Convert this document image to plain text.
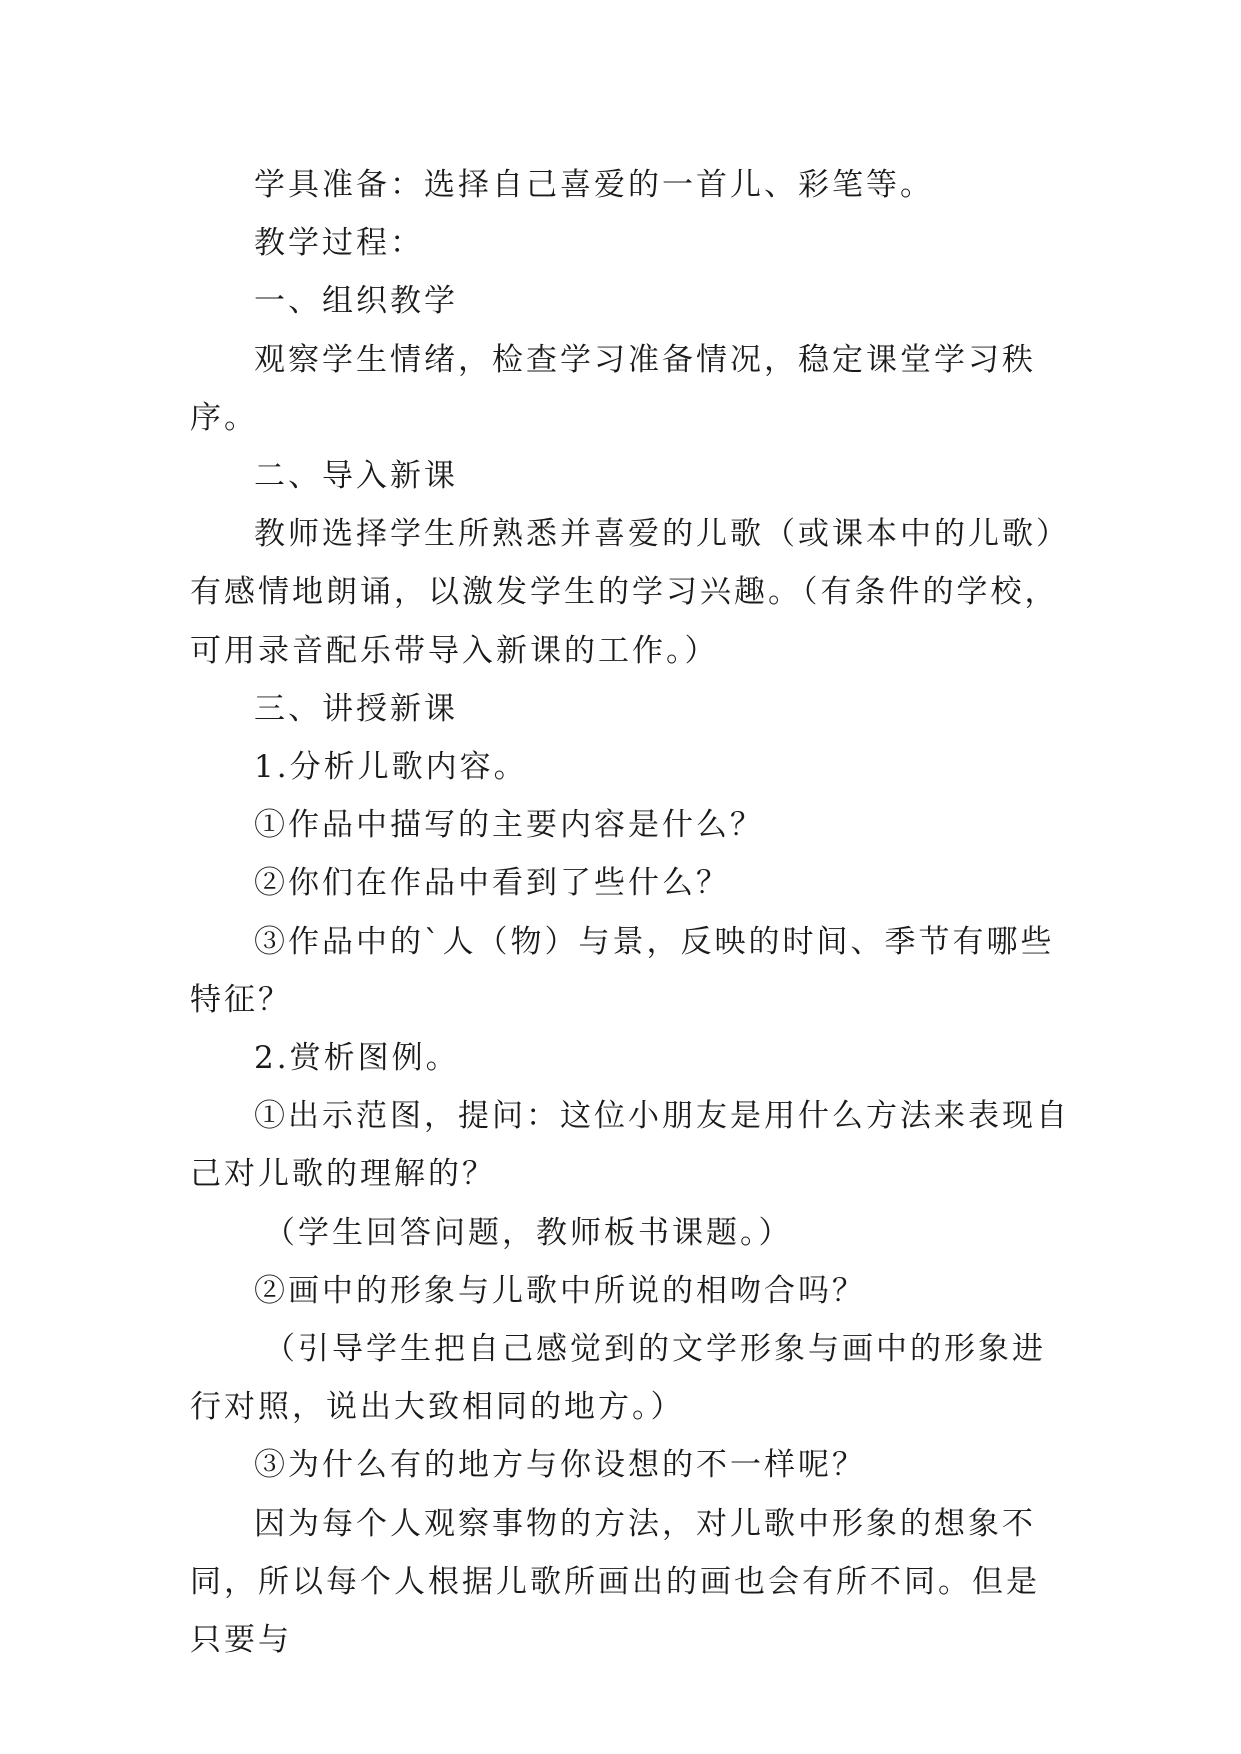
学具准备：选择自己喜爱的一首儿、彩笔等。

教学过程：

一、组织教学

观察学生情绪，检查学习准备情况，稳定课堂学习秩序。

二、导入新课

教师选择学生所熟悉并喜爱的儿歌（或课本中的儿歌）有感情地朗诵，以激发学生的学习兴趣。（有条件的学校，可用录音配乐带导入新课的工作。）

三、讲授新课

1.分析儿歌内容。

①作品中描写的主要内容是什么？

②你们在作品中看到了些什么？

③作品中的`人（物）与景，反映的时间、季节有哪些特征？

2.赏析图例。

①出示范图，提问：这位小朋友是用什么方法来表现自己对儿歌的理解的？

（学生回答问题，教师板书课题。）

②画中的形象与儿歌中所说的相吻合吗？

（引导学生把自己感觉到的文学形象与画中的形象进行对照，说出大致相同的地方。）

③为什么有的地方与你设想的不一样呢？

因为每个人观察事物的方法，对儿歌中形象的想象不同，所以每个人根据儿歌所画出的画也会有所不同。但是只要与
